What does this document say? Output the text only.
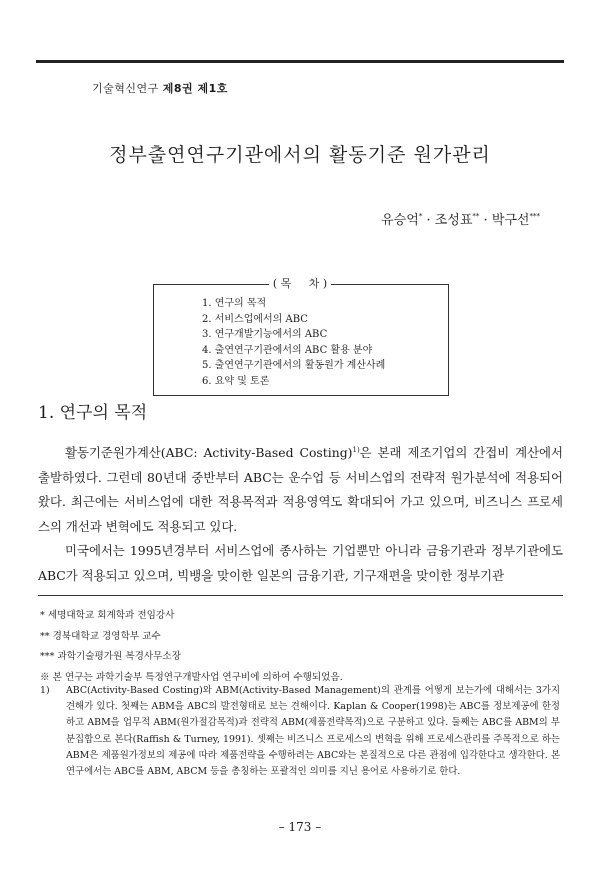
기술혁신연구 제8권 제1호
정부출연연구기관에서의 활동기준 원가관리
유승억* · 조성표** · 박구선***
( 목     차 )
1. 연구의 목적
2. 서비스업에서의 ABC
3. 연구개발기능에서의 ABC
4. 출연연구기관에서의 ABC 활용 분야
5. 출연연구기관에서의 활동원가 계산사례
6. 요약 및 토론
1. 연구의 목적

활동기준원가계산(ABC: Activity-Based Costing)$^{1)}$은 본래 제조기업의 간접비 계산에서 출발하였다. 그런데 80년대 중반부터 ABC는 운수업 등 서비스업의 전략적 원가분석에 적용되어 왔다. 최근에는 서비스업에 대한 적용목적과 적용영역도 확대되어 가고 있으며, 비즈니스 프로세스의 개선과 변혁에도 적용되고 있다.

미국에서는 1995년경부터 서비스업에 종사하는 기업뿐만 아니라 금융기관과 정부기관에도 ABC가 적용되고 있으며, 빅뱅을 맞이한 일본의 금융기관, 기구재편을 맞이한 정부기관

* 세명대학교 회계학과 전임강사
** 경북대학교 경영학부 교수
*** 과학기술평가원 복경사무소장
※ 본 연구는 과학기술부 특정연구개발사업 연구비에 의하여 수행되었음.
1) ABC(Activity-Based Costing)와 ABM(Activity-Based Management)의 관계를 어떻게 보는가에 대해서는 3가지 견해가 있다. 첫째는 ABM을 ABC의 발전형태로 보는 견해이다. Kaplan & Cooper(1998)는 ABC를 정보제공에 한정하고 ABM을 업무적 ABM(원가절감목적)과 전략적 ABM(제품전략목적)으로 구분하고 있다. 둘째는 ABC를 ABM의 부분집합으로 본다(Raffish & Turney, 1991). 셋째는 비즈니스 프로세스의 변혁을 위해 프로세스관리를 주목적으로 하는 ABM은 제품원가정보의 제공에 따라 제품전략을 수행하려는 ABC와는 본질적으로 다른 관점에 입각한다고 생각한다. 본 연구에서는 ABC를 ABM, ABCM 등을 총칭하는 포괄적인 의미를 지닌 용어로 사용하기로 한다.
– 173 –
